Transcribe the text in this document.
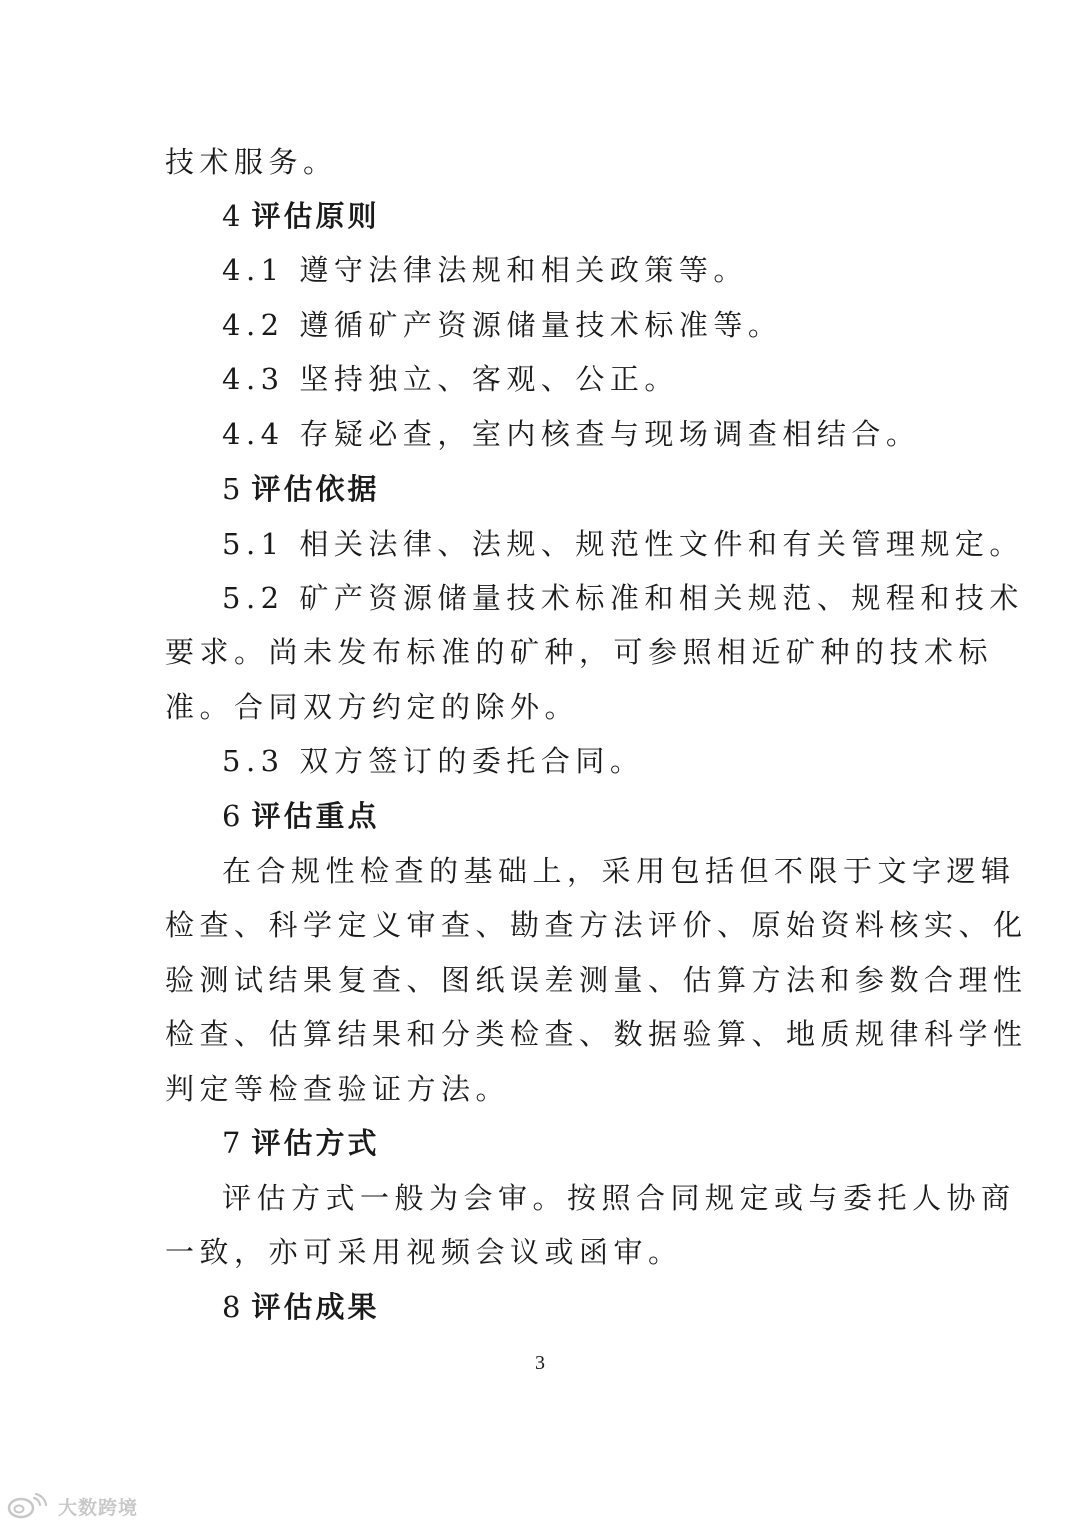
技术服务。
4 评估原则
4.1 遵守法律法规和相关政策等。
4.2 遵循矿产资源储量技术标准等。
4.3 坚持独立、客观、公正。
4.4 存疑必查，室内核查与现场调查相结合。
5 评估依据
5.1 相关法律、法规、规范性文件和有关管理规定。
5.2 矿产资源储量技术标准和相关规范、规程和技术
要求。尚未发布标准的矿种，可参照相近矿种的技术标
准。合同双方约定的除外。
5.3 双方签订的委托合同。
6 评估重点
在合规性检查的基础上，采用包括但不限于文字逻辑
检查、科学定义审查、勘查方法评价、原始资料核实、化
验测试结果复查、图纸误差测量、估算方法和参数合理性
检查、估算结果和分类检查、数据验算、地质规律科学性
判定等检查验证方法。
7 评估方式
评估方式一般为会审。按照合同规定或与委托人协商
一致，亦可采用视频会议或函审。
8 评估成果
3
大数跨境
